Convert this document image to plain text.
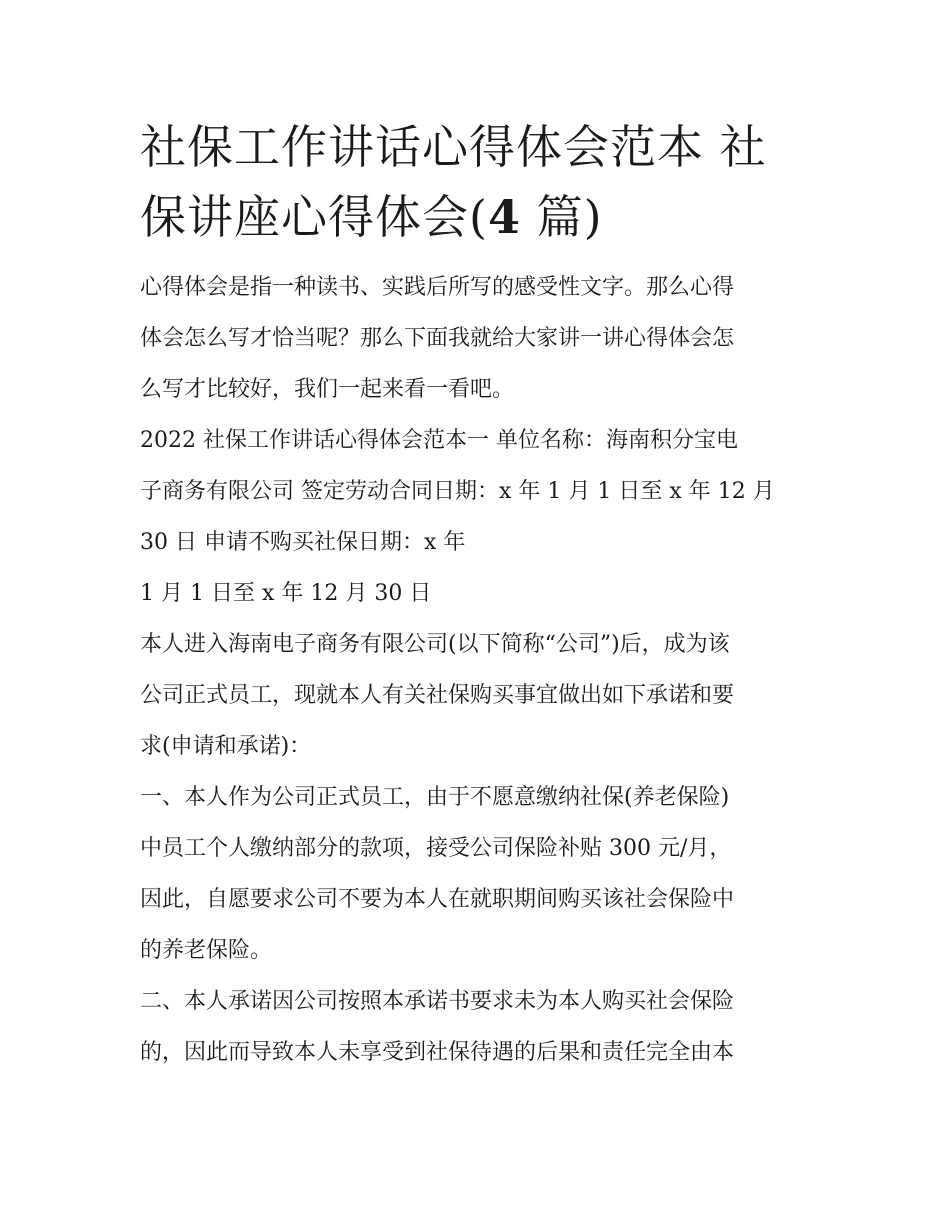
社保工作讲话心得体会范本 社
保讲座心得体会(4 篇)

心得体会是指一种读书、实践后所写的感受性文字。那么心得
体会怎么写才恰当呢？那么下面我就给大家讲一讲心得体会怎
么写才比较好，我们一起来看一看吧。

2022 社保工作讲话心得体会范本一 单位名称：海南积分宝电
子商务有限公司 签定劳动合同日期：x 年 1 月 1 日至 x 年 12 月
30 日 申请不购买社保日期：x 年

1 月 1 日至 x 年 12 月 30 日

本人进入海南电子商务有限公司(以下简称“公司”)后，成为该
公司正式员工，现就本人有关社保购买事宜做出如下承诺和要
求(申请和承诺)：

一、本人作为公司正式员工，由于不愿意缴纳社保(养老保险)
中员工个人缴纳部分的款项，接受公司保险补贴 300 元/月，
因此，自愿要求公司不要为本人在就职期间购买该社会保险中
的养老保险。

二、本人承诺因公司按照本承诺书要求未为本人购买社会保险
的，因此而导致本人未享受到社保待遇的后果和责任完全由本
